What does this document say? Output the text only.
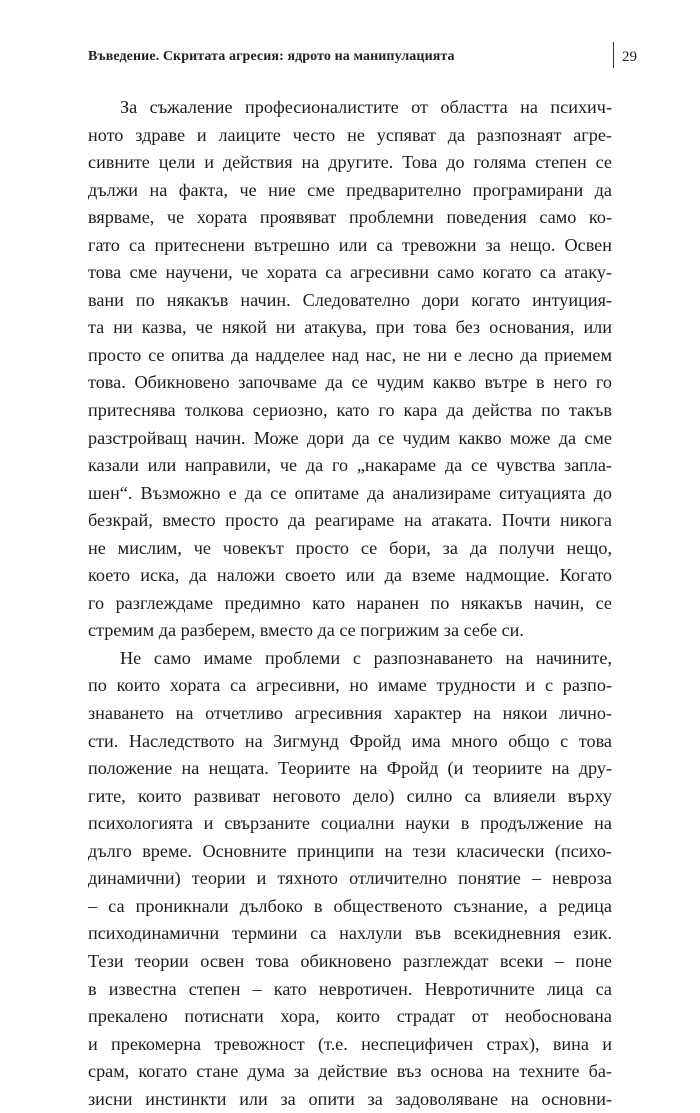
Въведение. Скритата агресия: ядрото на манипулацията	29
За съжаление професионалистите от областта на психич-
ното здраве и лаиците често не успяват да разпознаят агре-
сивните цели и действия на другите. Това до голяма степен се
дължи на факта, че ние сме предварително програмирани да
вярваме, че хората проявяват проблемни поведения само ко-
гато са притеснени вътрешно или са тревожни за нещо. Освен
това сме научени, че хората са агресивни само когато са атаку-
вани по някакъв начин. Следователно дори когато интуиция-
та ни казва, че някой ни атакува, при това без основания, или
просто се опитва да надделее над нас, не ни е лесно да приемем
това. Обикновено започваме да се чудим какво вътре в него го
притеснява толкова сериозно, като го кара да действа по такъв
разстройващ начин. Може дори да се чудим какво може да сме
казали или направили, че да го „накараме да се чувства запла-
шен“. Възможно е да се опитаме да анализираме ситуацията до
безкрай, вместо просто да реагираме на атаката. Почти никога
не мислим, че човекът просто се бори, за да получи нещо,
което иска, да наложи своето или да вземе надмощие. Когато
го разглеждаме предимно като наранен по някакъв начин, се
стремим да разберем, вместо да се погрижим за себе си.
Не само имаме проблеми с разпознаването на начините,
по които хората са агресивни, но имаме трудности и с разпо-
знаването на отчетливо агресивния характер на някои лично-
сти. Наследството на Зигмунд Фройд има много общо с това
положение на нещата. Теориите на Фройд (и теориите на дру-
гите, които развиват неговото дело) силно са влияели върху
психологията и свързаните социални науки в продължение на
дълго време. Основните принципи на тези класически (психо-
динамични) теории и тяхното отличително понятие – невроза
– са проникнали дълбоко в общественото съзнание, а редица
психодинамични термини са нахлули във всекидневния език.
Тези теории освен това обикновено разглеждат всеки – поне
в известна степен – като невротичен. Невротичните лица са
прекалено потиснати хора, които страдат от необоснована
и прекомерна тревожност (т.е. неспецифичен страх), вина и
срам, когато стане дума за действие въз основа на техните ба-
зисни инстинкти или за опити за задоволяване на основни-
